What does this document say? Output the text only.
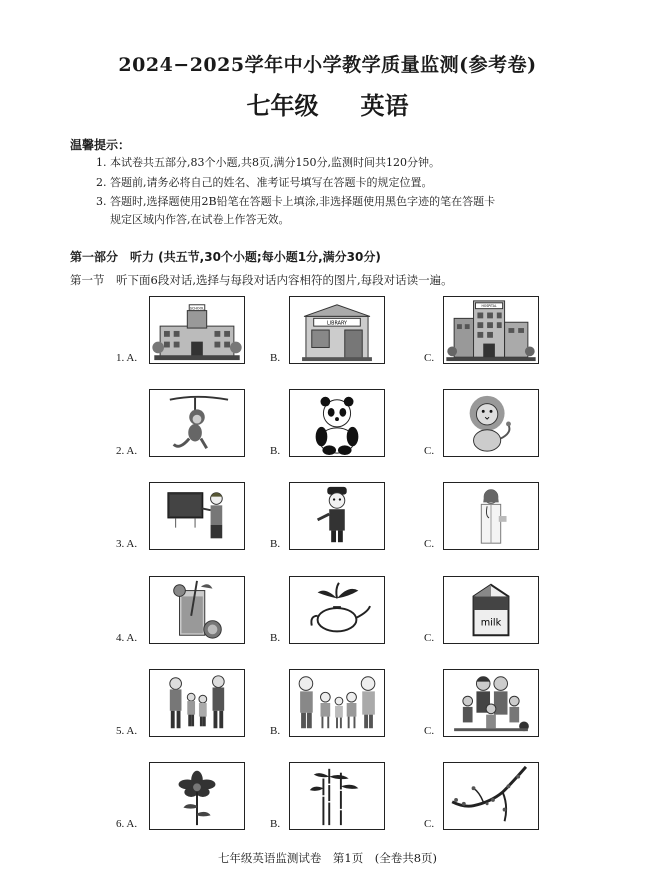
2024−2025学年中小学教学质量监测(参考卷)
七年级 英语
温馨提示：
1. 本试卷共五部分,83个小题,共8页,满分150分,监测时间共120分钟。
2. 答题前,请务必将自己的姓名、准考证号填写在答题卡的规定位置。
3. 答题时,选择题使用2B铅笔在答题卡上填涂,非选择题使用黑色字迹的笔在答题卡
规定区域内作答,在试卷上作答无效。
第一部分　听力 (共五节,30个小题;每小题1分,满分30分)
第一节　听下面6段对话,选择与每段对话内容相符的图片,每段对话读一遍。
1. A.	B.	C.
SCHOOL
LIBRARY
HOSPITAL
2. A.	B.	C.
3. A.	B.	C.
4. A.	B.	C.
milk
5. A.	B.	C.
6. A.	B.	C.
七年级英语监测试卷　第1页　(全卷共8页)
